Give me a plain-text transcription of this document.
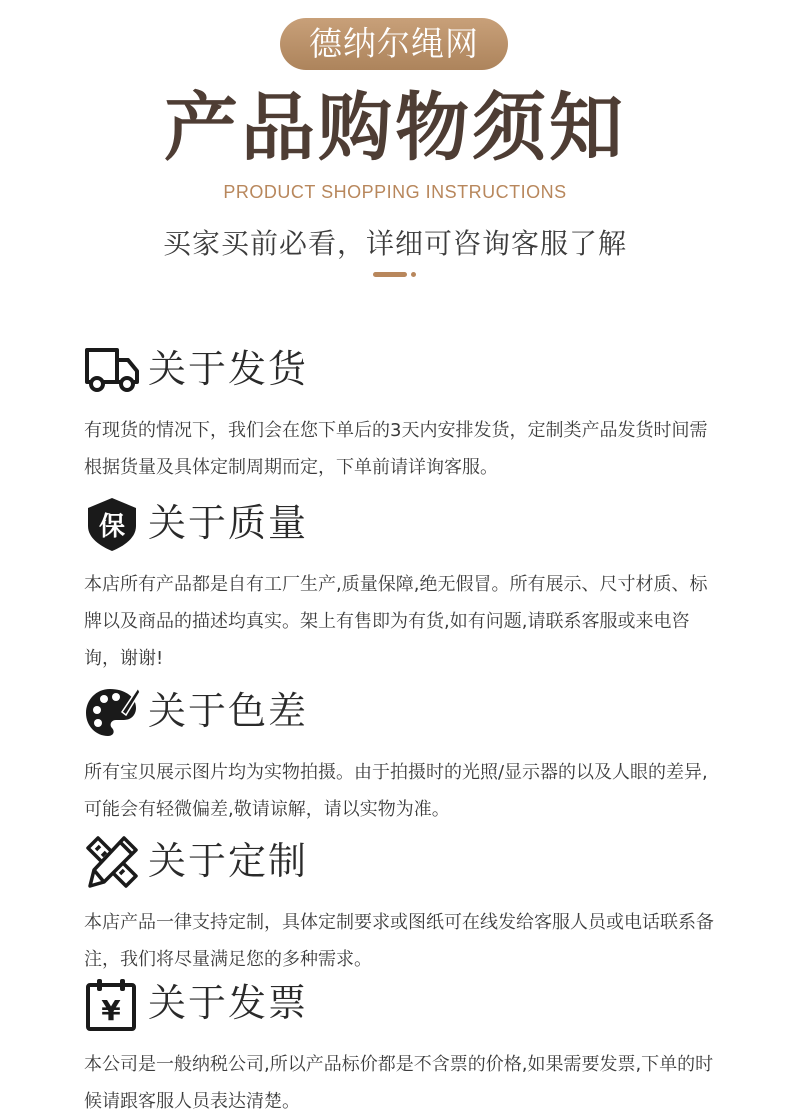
德纳尔绳网
产品购物须知
PRODUCT SHOPPING INSTRUCTIONS
买家买前必看，详细可咨询客服了解
关于发货
有现货的情况下，我们会在您下单后的3天内安排发货，定制类产品发货时间需根据货量及具体定制周期而定，下单前请详询客服。
保 关于质量
本店所有产品都是自有工厂生产,质量保障,绝无假冒。所有展示、尺寸材质、标牌以及商品的描述均真实。架上有售即为有货,如有问题,请联系客服或来电咨询，谢谢!
关于色差
所有宝贝展示图片均为实物拍摄。由于拍摄时的光照/显示器的以及人眼的差异,可能会有轻微偏差,敬请谅解，请以实物为准。
关于定制
本店产品一律支持定制，具体定制要求或图纸可在线发给客服人员或电话联系备注，我们将尽量满足您的多种需求。
¥ 关于发票
本公司是一般纳税公司,所以产品标价都是不含票的价格,如果需要发票,下单的时候请跟客服人员表达清楚。
